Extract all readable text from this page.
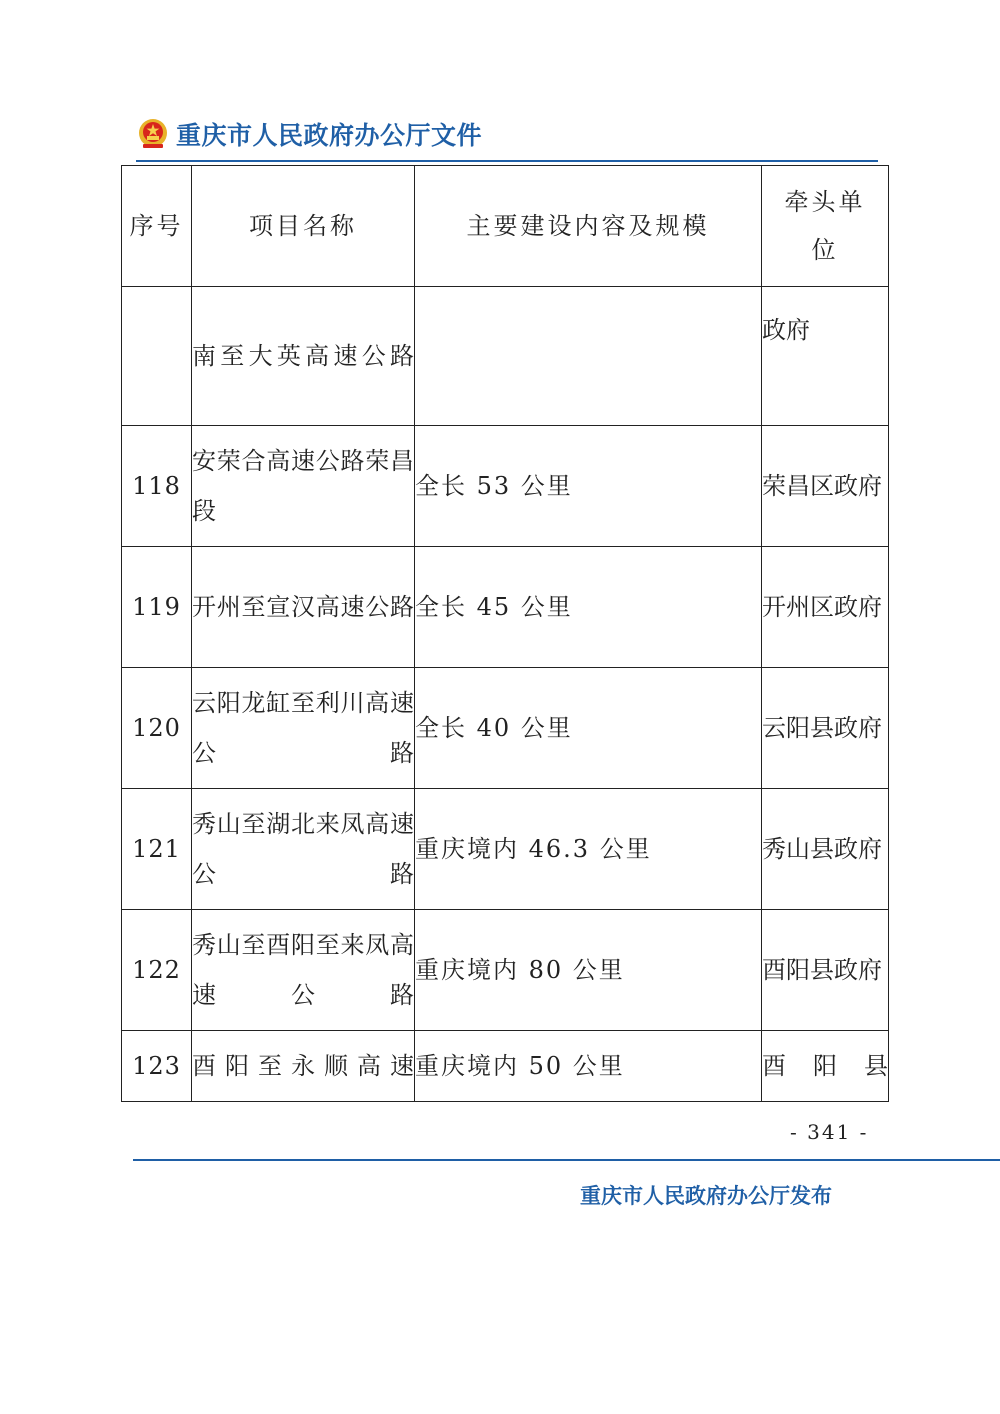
重庆市人民政府办公厅文件
序号	项目名称	主要建设内容及规模	牵头单位

	南至大英高速公路		政府

118	安荣合高速公路荣昌段	全长 53 公里	荣昌区政府

119	开州至宣汉高速公路	全长 45 公里	开州区政府

120	云阳龙缸至利川高速公路	全长 40 公里	云阳县政府

121	秀山至湖北来凤高速公路	重庆境内 46.3 公里	秀山县政府

122	秀山至酉阳至来凤高速公路	重庆境内 80 公里	酉阳县政府

123	酉阳至永顺高速	重庆境内 50 公里	酉阳县
- 341 -
重庆市人民政府办公厅发布
